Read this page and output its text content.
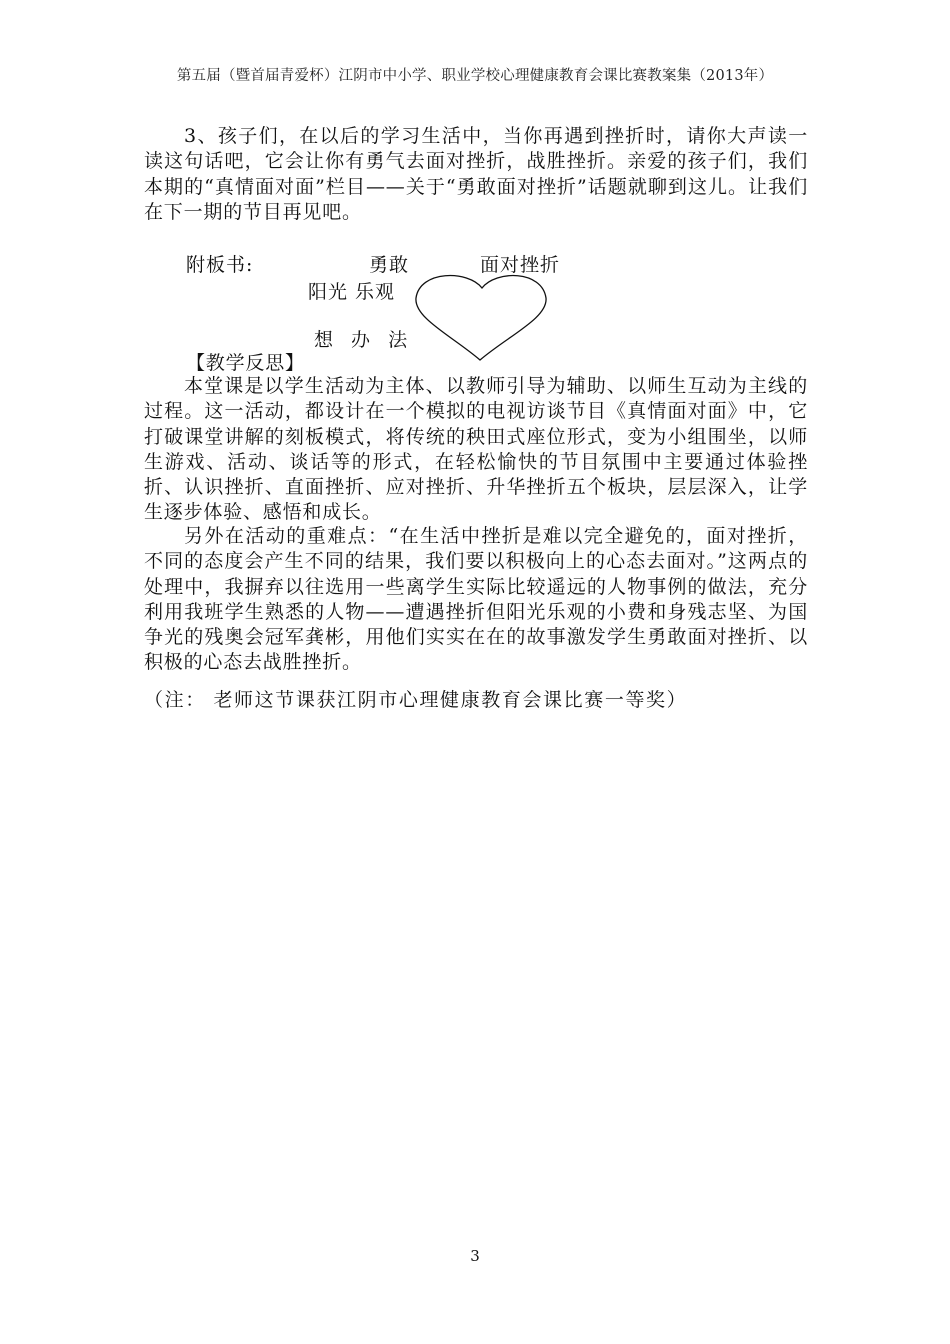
第五届（暨首届青爱杯）江阴市中小学、职业学校心理健康教育会课比赛教案集（2013年）

3、孩子们，在以后的学习生活中，当你再遇到挫折时，请你大声读一读这句话吧，它会让你有勇气去面对挫折，战胜挫折。亲爱的孩子们，我们本期的“真情面对面”栏目——关于“勇敢面对挫折”话题就聊到这儿。让我们在下一期的节目再见吧。

附板书:	勇敢	面对挫折
阳光 乐观
想 办 法
【教学反思】

本堂课是以学生活动为主体、以教师引导为辅助、以师生互动为主线的过程。这一活动，都设计在一个模拟的电视访谈节目《真情面对面》中，它打破课堂讲解的刻板模式，将传统的秧田式座位形式，变为小组围坐，以师生游戏、活动、谈话等的形式，在轻松愉快的节目氛围中主要通过体验挫折、认识挫折、直面挫折、应对挫折、升华挫折五个板块，层层深入，让学生逐步体验、感悟和成长。

另外在活动的重难点：“在生活中挫折是难以完全避免的，面对挫折，不同的态度会产生不同的结果，我们要以积极向上的心态去面对。”这两点的处理中，我摒弃以往选用一些离学生实际比较遥远的人物事例的做法，充分利用我班学生熟悉的人物——遭遇挫折但阳光乐观的小费和身残志坚、为国争光的残奥会冠军龚彬，用他们实实在在的故事激发学生勇敢面对挫折、以积极的心态去战胜挫折。

（注： 老师这节课获江阴市心理健康教育会课比赛一等奖）
3
